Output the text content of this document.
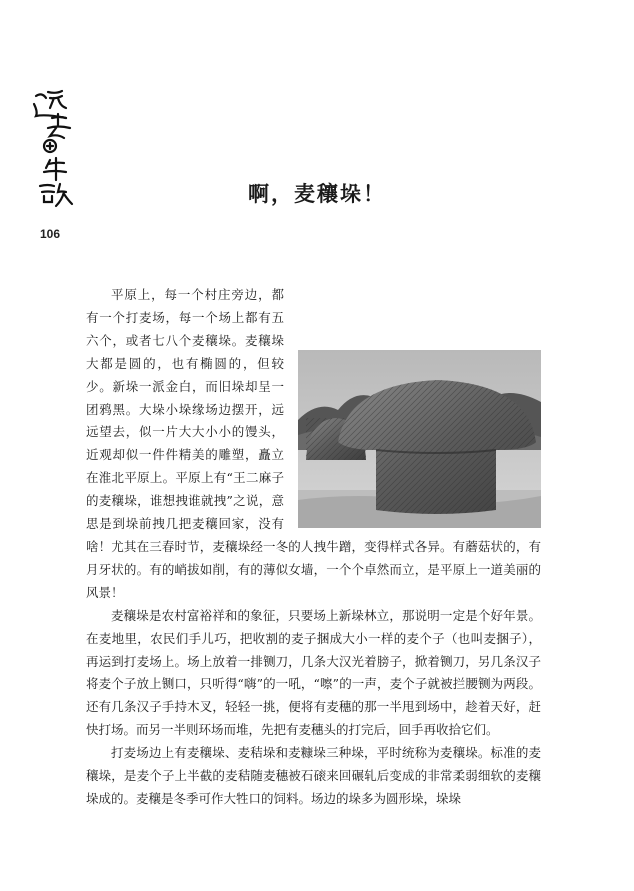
106
啊，麦穰垛！

平原上，每一个村庄旁边，都有一个打麦场，每一个场上都有五六个，或者七八个麦穰垛。麦穰垛大都是圆的，也有椭圆的，但较少。新垛一派金白，而旧垛却呈一团鸦黑。大垛小垛缘场边摆开，远远望去，似一片大大小小的馒头，近观却似一件件精美的雕塑，矗立在淮北平原上。平原上有“王二麻子的麦穰垛，谁想拽谁就拽”之说，意思是到垛前拽几把麦穰回家，没有啥！尤其在三春时节，麦穰垛经一冬的人拽牛蹭，变得样式各异。有蘑菇状的，有月牙状的。有的峭拔如削，有的薄似女墙，一个个卓然而立，是平原上一道美丽的风景！

麦穰垛是农村富裕祥和的象征，只要场上新垛林立，那说明一定是个好年景。在麦地里，农民们手儿巧，把收割的麦子捆成大小一样的麦个子（也叫麦捆子），再运到打麦场上。场上放着一排铡刀，几条大汉光着膀子，掀着铡刀，另几条汉子将麦个子放上铡口，只听得“嗨”的一吼，“嚓”的一声，麦个子就被拦腰铡为两段。还有几条汉子手持木叉，轻轻一挑，便将有麦穗的那一半甩到场中，趁着天好，赶快打场。而另一半则环场而堆，先把有麦穗头的打完后，回手再收拾它们。

打麦场边上有麦穰垛、麦秸垛和麦糠垛三种垛，平时统称为麦穰垛。标准的麦穰垛，是麦个子上半截的麦秸随麦穗被石磙来回碾轧后变成的非常柔弱细软的麦穰垛成的。麦穰是冬季可作大牲口的饲料。场边的垛多为圆形垛，垛垛
